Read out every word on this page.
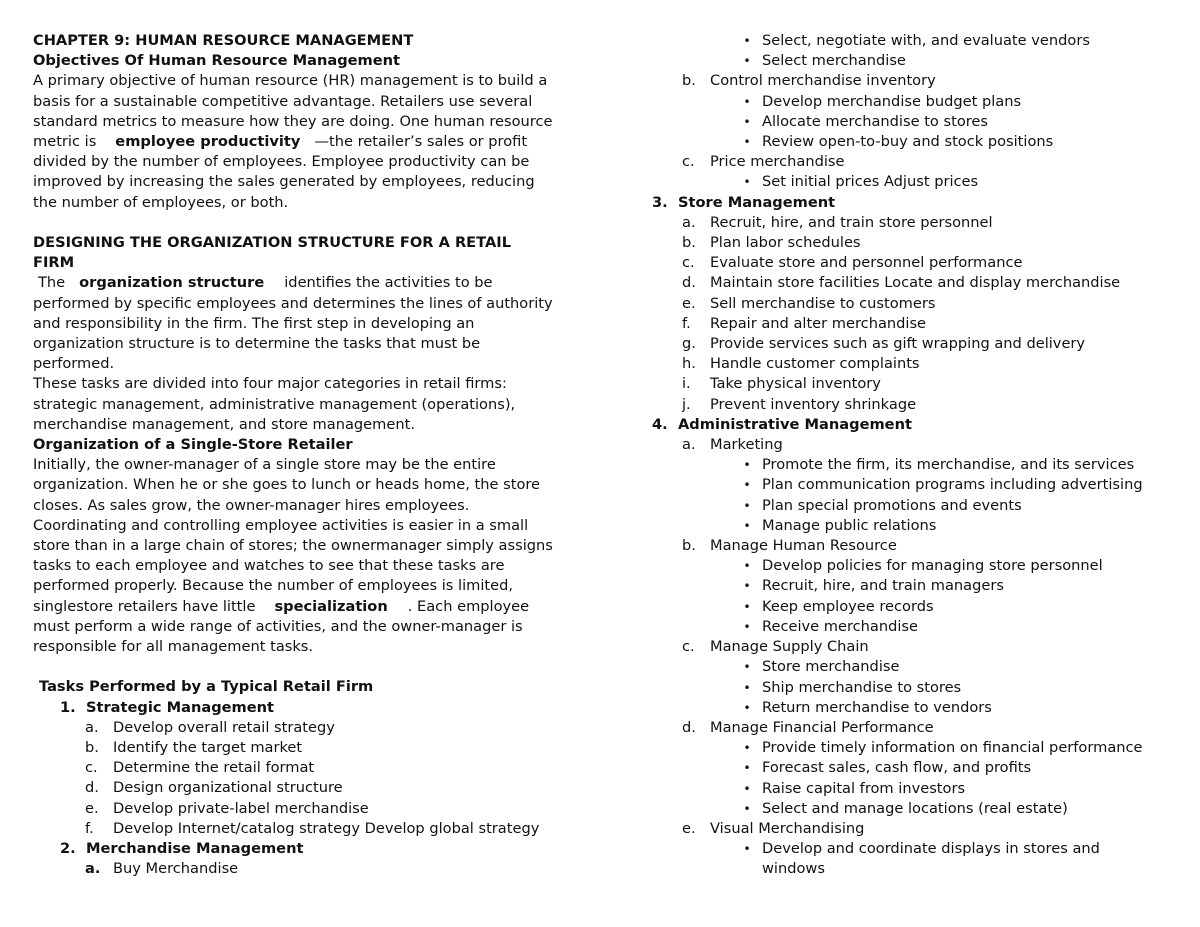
CHAPTER 9: HUMAN RESOURCE MANAGEMENT
Objectives Of Human Resource Management
A primary objective of human resource (HR) management is to build a
basis for a sustainable competitive advantage. Retailers use several
standard metrics to measure how they are doing. One human resource
metric is employee productivity —the retailer’s sales or profit
divided by the number of employees. Employee productivity can be
improved by increasing the sales generated by employees, reducing
the number of employees, or both.
DESIGNING THE ORGANIZATION STRUCTURE FOR A RETAIL
FIRM
The organization structure identifies the activities to be
performed by specific employees and determines the lines of authority
and responsibility in the firm. The first step in developing an
organization structure is to determine the tasks that must be
performed.
These tasks are divided into four major categories in retail firms:
strategic management, administrative management (operations),
merchandise management, and store management.
Organization of a Single-Store Retailer
Initially, the owner-manager of a single store may be the entire
organization. When he or she goes to lunch or heads home, the store
closes. As sales grow, the owner-manager hires employees.
Coordinating and controlling employee activities is easier in a small
store than in a large chain of stores; the ownermanager simply assigns
tasks to each employee and watches to see that these tasks are
performed properly. Because the number of employees is limited,
singlestore retailers have little specialization . Each employee
must perform a wide range of activities, and the owner-manager is
responsible for all management tasks.
Tasks Performed by a Typical Retail Firm
1. Strategic Management
a. Develop overall retail strategy
b. Identify the target market
c.	Determine the retail format
d. Design organizational structure
e. Develop private-label merchandise
f.	Develop Internet/catalog strategy Develop global strategy
2. Merchandise Management
a. Buy Merchandise
• Select, negotiate with, and evaluate vendors
• Select merchandise
b. Control merchandise inventory
• Develop merchandise budget plans
• Allocate merchandise to stores
• Review open-to-buy and stock positions
c.	Price merchandise
• Set initial prices Adjust prices
3. Store Management
a. Recruit, hire, and train store personnel
b. Plan labor schedules
c.	Evaluate store and personnel performance
d. Maintain store facilities Locate and display merchandise
e. Sell merchandise to customers
f.	Repair and alter merchandise
g. Provide services such as gift wrapping and delivery
h. Handle customer complaints
i.	Take physical inventory
j.	Prevent inventory shrinkage
4. Administrative Management
a. Marketing
• Promote the firm, its merchandise, and its services
• Plan communication programs including advertising
• Plan special promotions and events
• Manage public relations
b. Manage Human Resource
• Develop policies for managing store personnel
• Recruit, hire, and train managers
• Keep employee records
• Receive merchandise
c.	Manage Supply Chain
• Store merchandise
• Ship merchandise to stores
• Return merchandise to vendors
d. Manage Financial Performance
• Provide timely information on financial performance
• Forecast sales, cash flow, and profits
• Raise capital from investors
• Select and manage locations (real estate)
e. Visual Merchandising
• Develop and coordinate displays in stores and
windows
